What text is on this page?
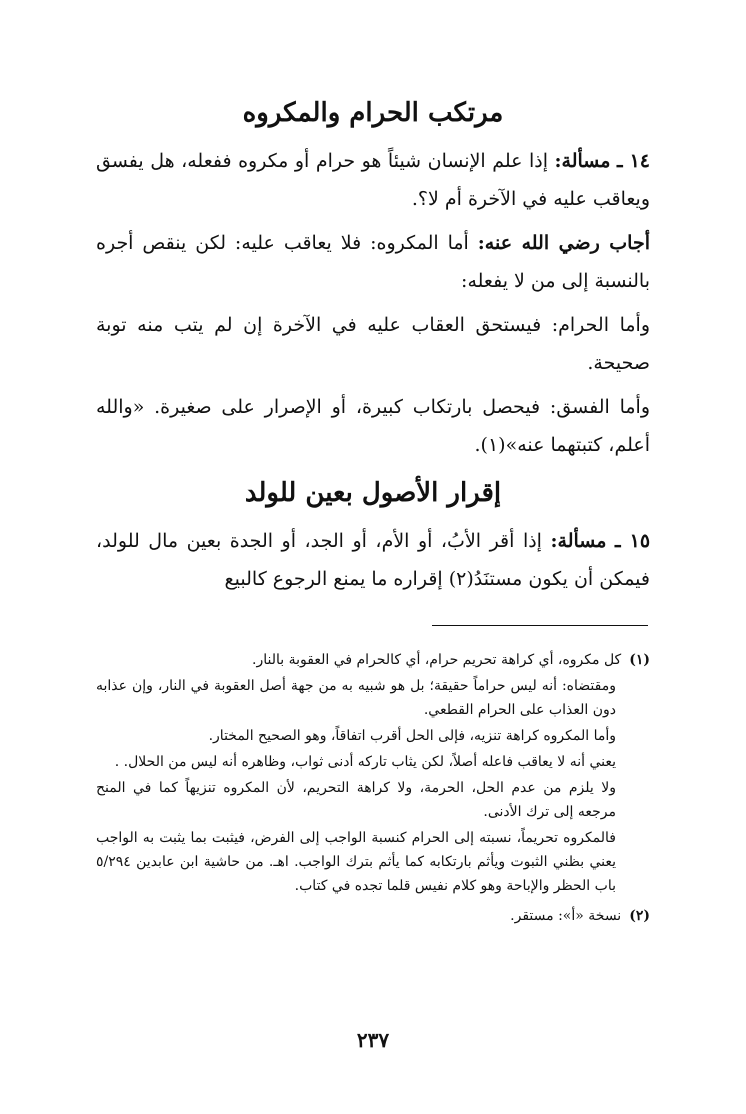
مرتكب الحرام والمكروه

١٤ ـ مسألة: إذا علم الإنسان شيئاً هو حرام أو مكروه ففعله، هل يفسق ويعاقب عليه في الآخرة أم لا؟.

أجاب رضي الله عنه: أما المكروه: فلا يعاقب عليه: لكن ينقص أجره بالنسبة إلى من لا يفعله:

وأما الحرام: فيستحق العقاب عليه في الآخرة إن لم يتب منه توبة صحيحة.

وأما الفسق: فيحصل بارتكاب كبيرة، أو الإصرار على صغيرة. «والله أعلم، كتبتهما عنه»(١).

إقرار الأصول بعين للولد

١٥ ـ مسألة: إذا أقر الأبُ، أو الأم، أو الجد، أو الجدة بعين مال للولد، فيمكن أن يكون مستنَدُ(٢) إقراره ما يمنع الرجوع كالبيع

(١)كل مكروه، أي كراهة تحريم حرام، أي كالحرام في العقوبة بالنار.
ومقتضاه: أنه ليس حراماً حقيقة؛ بل هو شبيه به من جهة أصل العقوبة في النار، وإن عذابه دون العذاب على الحرام القطعي.
وأما المكروه كراهة تنزيه، فإلى الحل أقرب اتفاقاً، وهو الصحيح المختار.
يعني أنه لا يعاقب فاعله أصلاً، لكن يثاب تاركه أدنى ثواب، وظاهره أنه ليس من الحلال. .
ولا يلزم من عدم الحل، الحرمة، ولا كراهة التحريم، لأن المكروه تنزيهاً كما في المنح مرجعه إلى ترك الأدنى.
فالمكروه تحريماً، نسبته إلى الحرام كنسبة الواجب إلى الفرض، فيثبت بما يثبت به الواجب يعني بظني الثبوت ويأثم بارتكابه كما يأثم بترك الواجب. اهـ. من حاشية ابن عابدين ٥/٢٩٤ باب الحظر والإباحة وهو كلام نفيس قلما تجده في كتاب.
(٢)نسخة «أ»: مستقر.
٢٣٧
